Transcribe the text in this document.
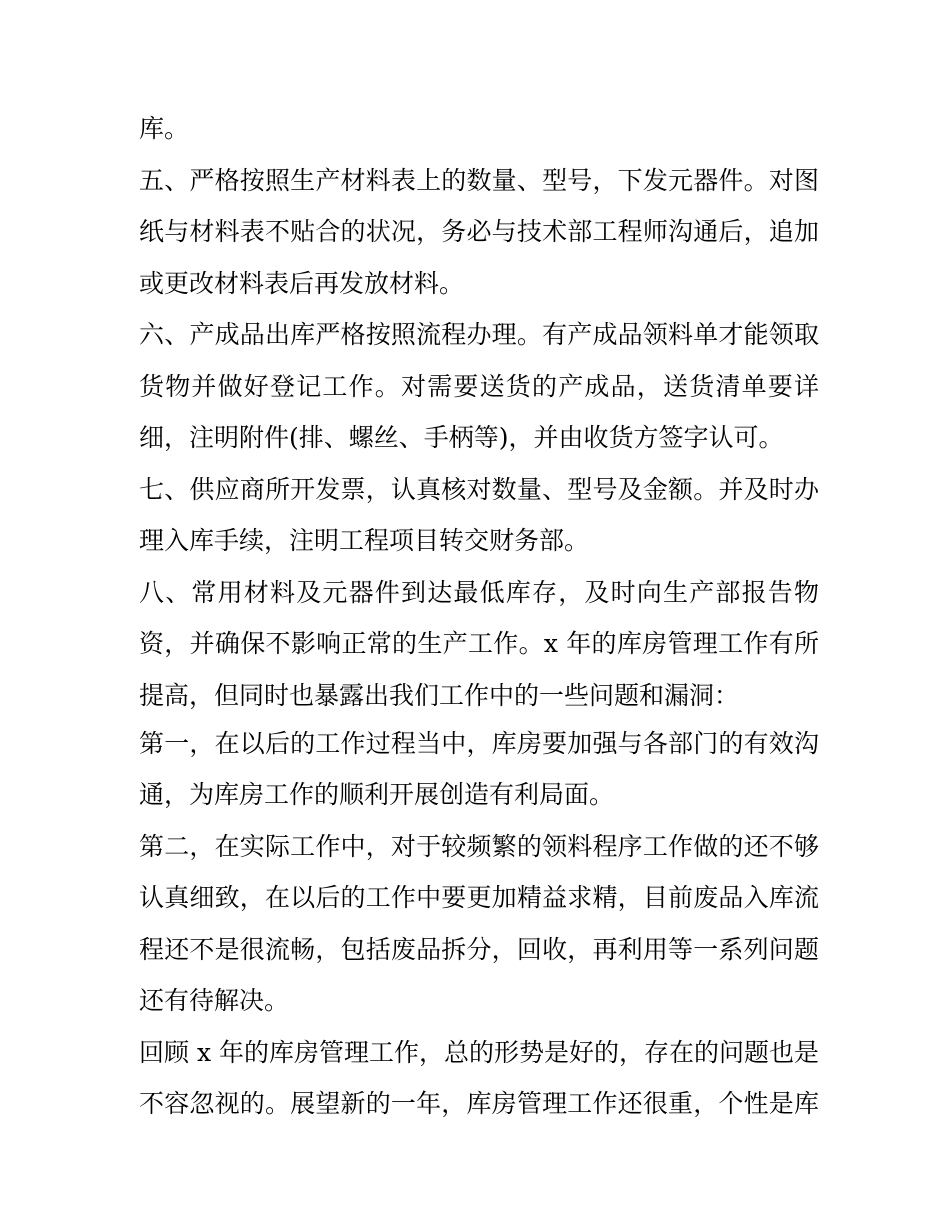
库。
五、严格按照生产材料表上的数量、型号，下发元器件。对图
纸与材料表不贴合的状况，务必与技术部工程师沟通后，追加
或更改材料表后再发放材料。
六、产成品出库严格按照流程办理。有产成品领料单才能领取
货物并做好登记工作。对需要送货的产成品，送货清单要详
细，注明附件(排、螺丝、手柄等)，并由收货方签字认可。
七、供应商所开发票，认真核对数量、型号及金额。并及时办
理入库手续，注明工程项目转交财务部。
八、常用材料及元器件到达最低库存，及时向生产部报告物
资，并确保不影响正常的生产工作。x 年的库房管理工作有所
提高，但同时也暴露出我们工作中的一些问题和漏洞：
第一，在以后的工作过程当中，库房要加强与各部门的有效沟
通，为库房工作的顺利开展创造有利局面。
第二，在实际工作中，对于较频繁的领料程序工作做的还不够
认真细致，在以后的工作中要更加精益求精，目前废品入库流
程还不是很流畅，包括废品拆分，回收，再利用等一系列问题
还有待解决。
回顾 x 年的库房管理工作，总的形势是好的，存在的问题也是
不容忽视的。展望新的一年，库房管理工作还很重，个性是库
